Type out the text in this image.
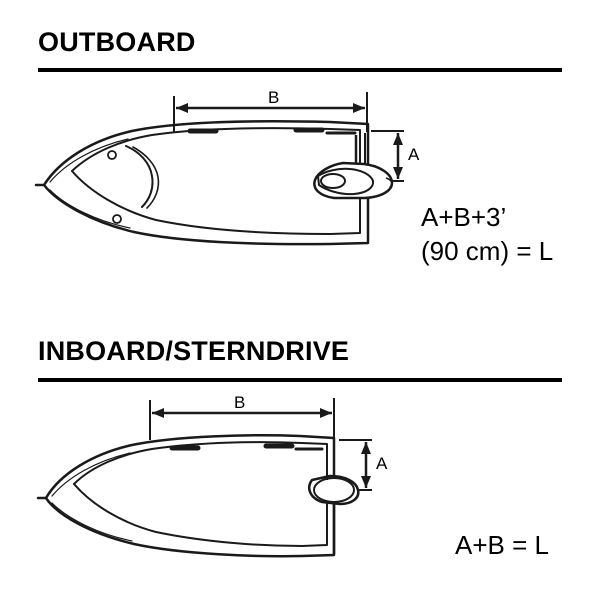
OUTBOARD
B
A
A+B+3’
(90 cm) = L
INBOARD/STERNDRIVE
B
A
A+B = L
